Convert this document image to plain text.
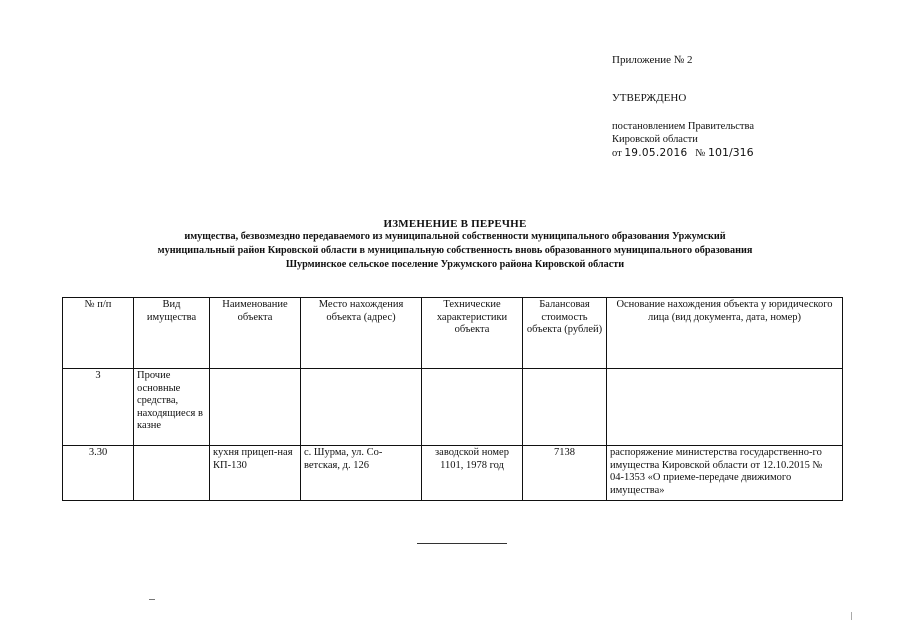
Приложение № 2
УТВЕРЖДЕНО
постановлением Правительства
Кировской области
от 19.05.2016 № 101/316
ИЗМЕНЕНИЕ В ПЕРЕЧНЕ
имущества, безвозмездно передаваемого из муниципальной собственности муниципального образования Уржумский
муниципальный район Кировской области в муниципальную собственность вновь образованного муниципального образования
Шурминское сельское поселение Уржумского района Кировской области
№ п/п	Вид имущества	Наименование объекта	Место нахождения объекта (адрес)	Технические характеристики объекта	Балансовая стоимость объекта (рублей)	Основание нахождения объекта у юридического лица (вид документа, дата, номер)
3	Прочие основные средства, находящиеся в казне					
3.30		кухня прицеп-ная КП-130	с. Шурма, ул. Со-ветская, д. 126	заводской номер 1101, 1978 год	7138	распоряжение министерства государственно-го имущества Кировской области от 12.10.2015 № 04-1353 «О приеме-передаче движимого имущества»
